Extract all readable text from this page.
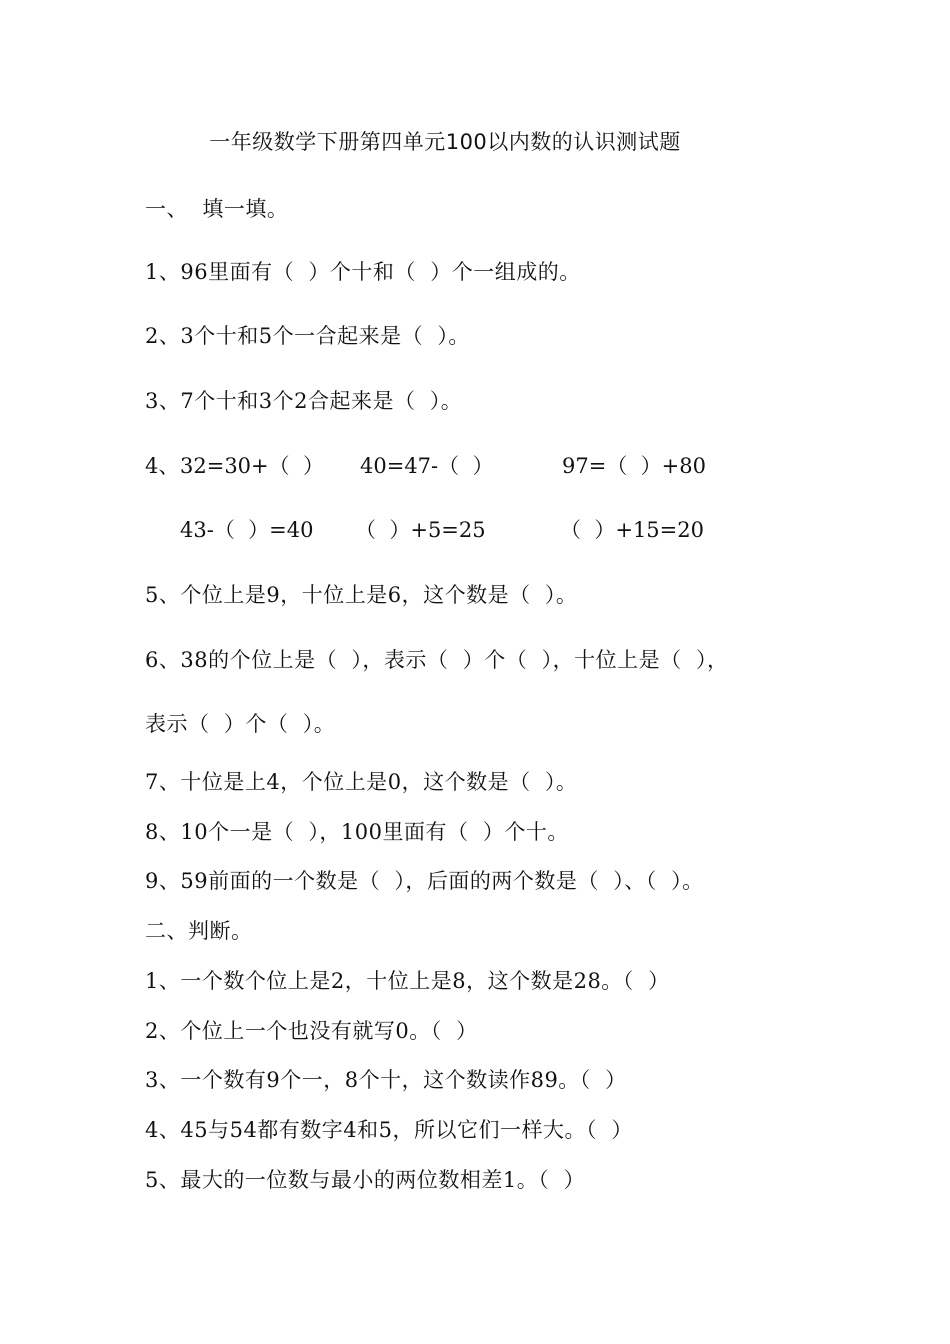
一年级数学下册第四单元100以内数的认识测试题
一、  填一填。
1、96里面有（  ）个十和（  ）个一组成的。
2、3个十和5个一合起来是（  ）。
3、7个十和3个2合起来是（  ）。
4、 32=30+（  ） 40=47-（  ）	97=（  ）+80
43-（  ）=40 （  ）+5=25	（  ）+15=20
5、个位上是9，十位上是6，这个数是（  ）。
6、38的个位上是（  ），表示（  ）个（  ），十位上是（  ），
表示（  ）个（  ）。
7、十位是上4，个位上是0，这个数是（  ）。
8、10个一是（  ），100里面有（  ）个十。
9、59前面的一个数是（  ），后面的两个数是（  ）、（  ）。
二、判断。
1、一个数个位上是2，十位上是8，这个数是28。（  ）
2、个位上一个也没有就写0。（  ）
3、一个数有9个一，8个十，这个数读作89。（  ）
4、45与54都有数字4和5，所以它们一样大。（  ）
5、最大的一位数与最小的两位数相差1。（  ）
